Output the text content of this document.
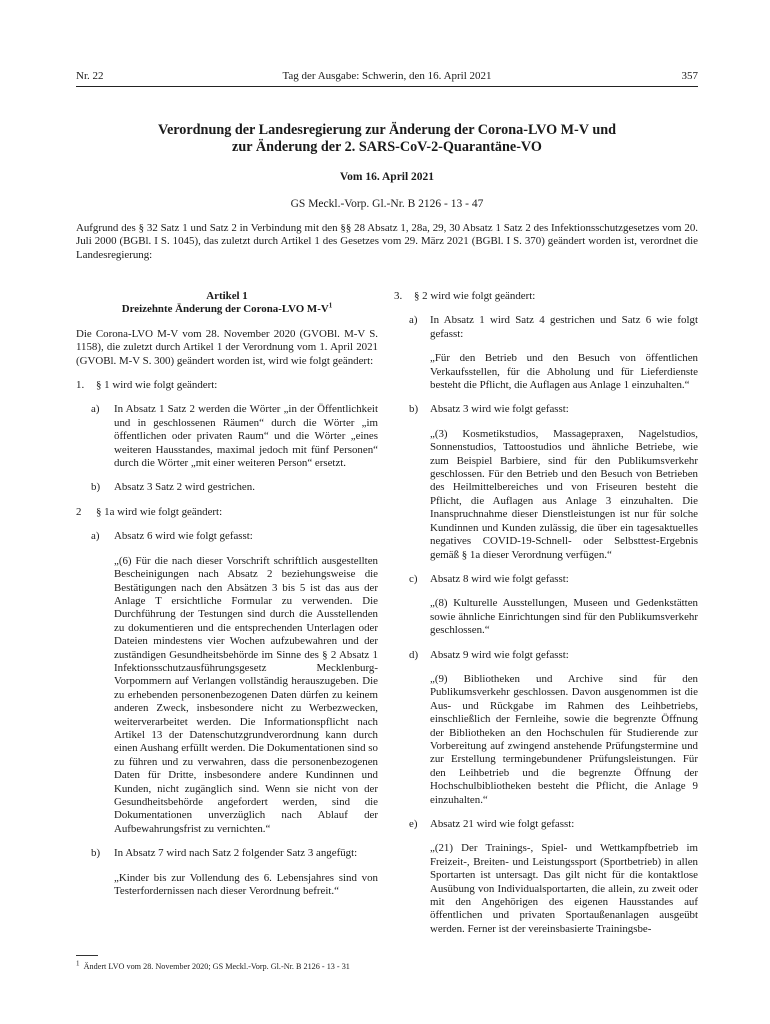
Nr. 22	Tag der Ausgabe: Schwerin, den 16. April 2021	357
Verordnung der Landesregierung zur Änderung der Corona-LVO M-V und
zur Änderung der 2. SARS-CoV-2-Quarantäne-VO
Vom 16. April 2021
GS Meckl.-Vorp. Gl.-Nr. B 2126 - 13 - 47

Aufgrund des § 32 Satz 1 und Satz 2 in Verbindung mit den §§ 28 Absatz 1, 28a, 29, 30 Absatz 1 Satz 2 des Infektionsschutzgesetzes vom 20. Juli 2000 (BGBl. I S. 1045), das zuletzt durch Artikel 1 des Gesetzes vom 29. März 2021 (BGBl. I S. 370) geändert worden ist, verordnet die Landesregierung:

Artikel 1

Dreizehnte Änderung der Corona-LVO $M-V^1$

Die Corona-LVO M-V vom 28. November 2020 (GVOBl. M-V S. 1158), die zuletzt durch Artikel 1 der Verordnung vom 1. April 2021 (GVOBl. M-V S. 300) geändert worden ist, wird wie folgt geändert:

1. § 1 wird wie folgt geändert:

a) In Absatz 1 Satz 2 werden die Wörter „in der Öffentlichkeit und in geschlossenen Räumen“ durch die Wörter „im öffentlichen oder privaten Raum“ und die Wörter „eines weiteren Hausstandes, maximal jedoch mit fünf Personen“ durch die Wörter „mit einer weiteren Person“ ersetzt.

b) Absatz 3 Satz 2 wird gestrichen.

2 § 1a wird wie folgt geändert:

a) Absatz 6 wird wie folgt gefasst:

„(6) Für die nach dieser Vorschrift schriftlich ausgestellten Bescheinigungen nach Absatz 2 beziehungsweise die Bestätigungen nach den Absätzen 3 bis 5 ist das aus der Anlage T ersichtliche Formular zu verwenden. Die Durchführung der Testungen sind durch die Ausstellenden zu dokumentieren und die entsprechenden Unterlagen oder Dateien mindestens vier Wochen aufzubewahren und der zuständigen Gesundheitsbehörde im Sinne des § 2 Absatz 1 Infektionsschutzausführungsgesetz Mecklenburg-Vorpommern auf Verlangen vollständig herauszugeben. Die zu erhebenden personenbezogenen Daten dürfen zu keinem anderen Zweck, insbesondere nicht zu Werbezwecken, weiterverarbeitet werden. Die Informationspflicht nach Artikel 13 der Datenschutzgrundverordnung kann durch einen Aushang erfüllt werden. Die Dokumentationen sind so zu führen und zu verwahren, dass die personenbezogenen Daten für Dritte, insbesondere andere Kundinnen und Kunden, nicht zugänglich sind. Wenn sie nicht von der Gesundheitsbehörde angefordert werden, sind die Dokumentationen unverzüglich nach Ablauf der Aufbewahrungsfrist zu vernichten.“

b) In Absatz 7 wird nach Satz 2 folgender Satz 3 angefügt:

„Kinder bis zur Vollendung des 6. Lebensjahres sind von Testerfordernissen nach dieser Verordnung befreit.“

3. § 2 wird wie folgt geändert:

a) In Absatz 1 wird Satz 4 gestrichen und Satz 6 wie folgt gefasst:

„Für den Betrieb und den Besuch von öffentlichen Verkaufsstellen, für die Abholung und für Lieferdienste besteht die Pflicht, die Auflagen aus Anlage 1 einzuhalten.“

b) Absatz 3 wird wie folgt gefasst:

„(3) Kosmetikstudios, Massagepraxen, Nagelstudios, Sonnenstudios, Tattoostudios und ähnliche Betriebe, wie zum Beispiel Barbiere, sind für den Publikumsverkehr geschlossen. Für den Betrieb und den Besuch von Betrieben des Heilmittelbereiches und von Friseuren besteht die Pflicht, die Auflagen aus Anlage 3 einzuhalten. Die Inanspruchnahme dieser Dienstleistungen ist nur für solche Kundinnen und Kunden zulässig, die über ein tagesaktuelles negatives COVID-19-Schnell- oder Selbsttest-Ergebnis gemäß § 1a dieser Verordnung verfügen.“

c) Absatz 8 wird wie folgt gefasst:

„(8) Kulturelle Ausstellungen, Museen und Gedenkstätten sowie ähnliche Einrichtungen sind für den Publikumsverkehr geschlossen.“

d) Absatz 9 wird wie folgt gefasst:

„(9) Bibliotheken und Archive sind für den Publikumsverkehr geschlossen. Davon ausgenommen ist die Aus- und Rückgabe im Rahmen des Leihbetriebs, einschließlich der Fernleihe, sowie die begrenzte Öffnung der Bibliotheken an den Hochschulen für Studierende zur Vorbereitung auf zwingend anstehende Prüfungstermine und zur Erstellung termingebundener Prüfungsleistungen. Für den Leihbetrieb und die begrenzte Öffnung der Hochschulbibliotheken besteht die Pflicht, die Anlage 9 einzuhalten.“

e) Absatz 21 wird wie folgt gefasst:

„(21) Der Trainings-, Spiel- und Wettkampfbetrieb im Freizeit-, Breiten- und Leistungssport (Sportbetrieb) in allen Sportarten ist untersagt. Das gilt nicht für die kontaktlose Ausübung von Individualsportarten, die allein, zu zweit oder mit den Angehörigen des eigenen Hausstandes auf öffentlichen und privaten Sportaußenanlagen ausgeübt werden. Ferner ist der vereinsbasierte Trainingsbe-

$^1$ Ändert LVO vom 28. November 2020; GS Meckl.-Vorp. Gl.-Nr. B 2126 - 13 - 31
